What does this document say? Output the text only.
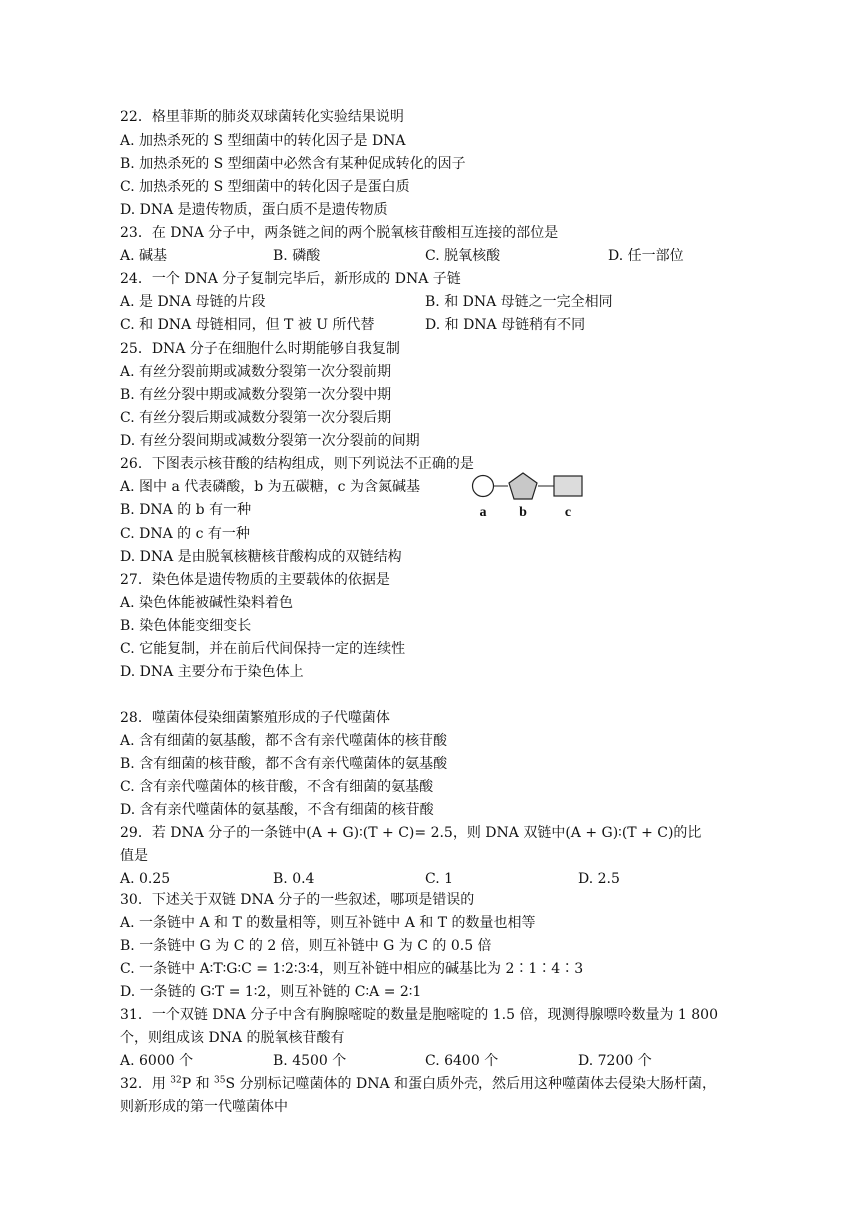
22．格里菲斯的肺炎双球菌转化实验结果说明
A. 加热杀死的 S 型细菌中的转化因子是 DNA
B. 加热杀死的 S 型细菌中必然含有某种促成转化的因子
C. 加热杀死的 S 型细菌中的转化因子是蛋白质
D. DNA 是遗传物质，蛋白质不是遗传物质
23．在 DNA 分子中，两条链之间的两个脱氧核苷酸相互连接的部位是
A. 碱基	B. 磷酸	C. 脱氧核酸	D. 任一部位
24．一个 DNA 分子复制完毕后，新形成的 DNA 子链
A. 是 DNA 母链的片段	B. 和 DNA 母链之一完全相同
C. 和 DNA 母链相同，但 T 被 U 所代替	D. 和 DNA 母链稍有不同
25．DNA 分子在细胞什么时期能够自我复制
A. 有丝分裂前期或减数分裂第一次分裂前期
B. 有丝分裂中期或减数分裂第一次分裂中期
C. 有丝分裂后期或减数分裂第一次分裂后期
D. 有丝分裂间期或减数分裂第一次分裂前的间期
26．下图表示核苷酸的结构组成，则下列说法不正确的是
A. 图中 a 代表磷酸，b 为五碳糖，c 为含氮碱基
B. DNA 的 b 有一种
C. DNA 的 c 有一种
D. DNA 是由脱氧核糖核苷酸构成的双链结构
a b	c
27．染色体是遗传物质的主要载体的依据是
A. 染色体能被碱性染料着色
B. 染色体能变细变长
C. 它能复制，并在前后代间保持一定的连续性
D. DNA 主要分布于染色体上
28．噬菌体侵染细菌繁殖形成的子代噬菌体
A. 含有细菌的氨基酸，都不含有亲代噬菌体的核苷酸
B. 含有细菌的核苷酸，都不含有亲代噬菌体的氨基酸
C. 含有亲代噬菌体的核苷酸，不含有细菌的氨基酸
D. 含有亲代噬菌体的氨基酸，不含有细菌的核苷酸
29．若 DNA 分子的一条链中(A + G)∶(T + C)= 2.5，则 DNA 双链中(A + G)∶(T + C)的比
值是
A. 0.25	B. 0.4	C. 1	D. 2.5
30．下述关于双链 DNA 分子的一些叙述，哪项是错误的
A. 一条链中 A 和 T 的数量相等，则互补链中 A 和 T 的数量也相等
B. 一条链中 G 为 C 的 2 倍，则互补链中 G 为 C 的 0.5 倍
C. 一条链中 A∶T∶G∶C = 1∶2∶3∶4，则互补链中相应的碱基比为 2∶1∶4∶3
D. 一条链的 G∶T = 1∶2，则互补链的 C∶A = 2∶1
31．一个双链 DNA 分子中含有胸腺嘧啶的数量是胞嘧啶的 1.5 倍，现测得腺嘌呤数量为 1 800
个，则组成该 DNA 的脱氧核苷酸有
A. 6000 个	B. 4500 个	C. 6400 个	D. 7200 个
32．用 $^{32}$P 和 $^{35}$S 分别标记噬菌体的 DNA 和蛋白质外壳，然后用这种噬菌体去侵染大肠杆菌，
则新形成的第一代噬菌体中
